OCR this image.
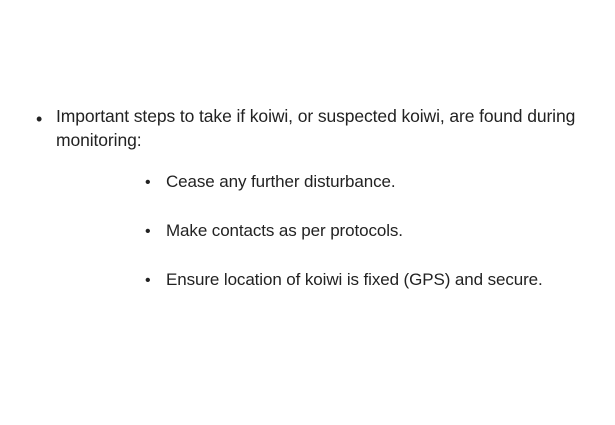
• Important steps to take if koiwi, or suspected koiwi, are found during monitoring:
• Cease any further disturbance.
• Make contacts as per protocols.
• Ensure location of koiwi is fixed (GPS) and secure.
